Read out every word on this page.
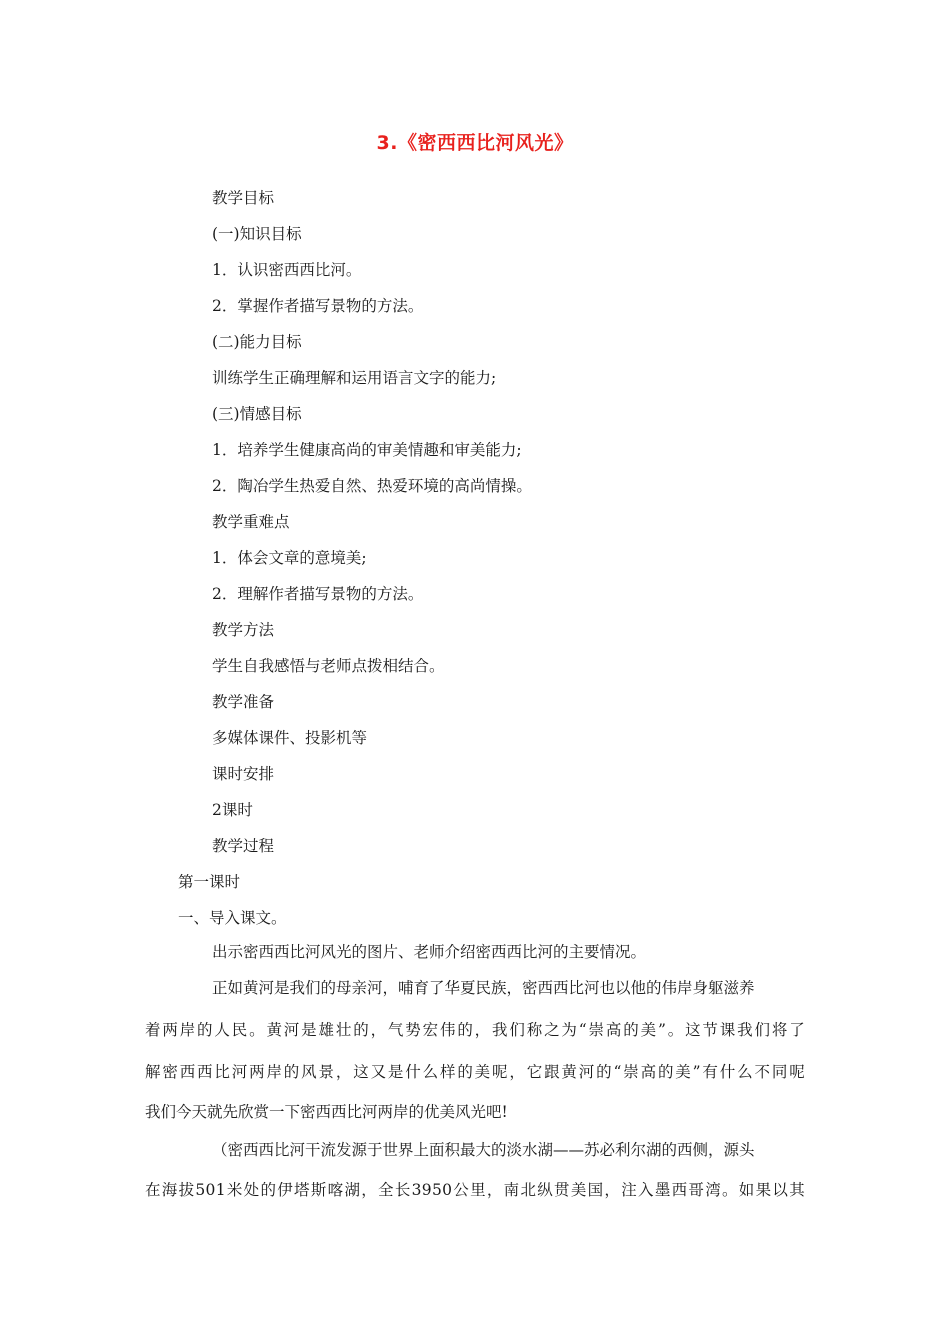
3.《密西西比河风光》
教学目标
(一)知识目标
1．认识密西西比河。
2．掌握作者描写景物的方法。
(二)能力目标
训练学生正确理解和运用语言文字的能力;
(三)情感目标
1．培养学生健康高尚的审美情趣和审美能力;
2．陶冶学生热爱自然、热爱环境的高尚情操。
教学重难点
1．体会文章的意境美;
2．理解作者描写景物的方法。
教学方法
学生自我感悟与老师点拨相结合。
教学准备
多媒体课件、投影机等
课时安排
2课时
教学过程
第一课时
一、导入课文。
出示密西西比河风光的图片、老师介绍密西西比河的主要情况。
正如黄河是我们的母亲河，哺育了华夏民族，密西西比河也以他的伟岸身躯滋养
着两岸的人民。黄河是雄壮的，气势宏伟的，我们称之为“崇高的美”。这节课我们将了
解密西西比河两岸的风景，这又是什么样的美呢，它跟黄河的“崇高的美”有什么不同呢
我们今天就先欣赏一下密西西比河两岸的优美风光吧!
（密西西比河干流发源于世界上面积最大的淡水湖——苏必利尔湖的西侧，源头
在海拔501米处的伊塔斯喀湖，全长3950公里，南北纵贯美国，注入墨西哥湾。如果以其
